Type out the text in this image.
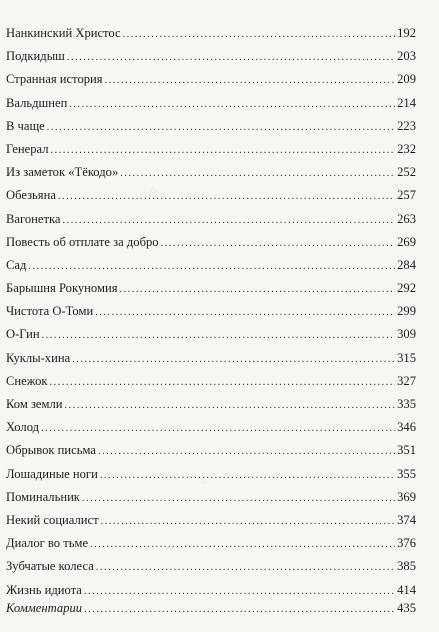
○
○
○
Нанкинский Христос .....	192
Подкидыш .....	203
Странная история .....	209
Вальдшнеп .....	214
В чаще .....	223
Генерал .....	232
Из заметок «Тёкодо» .....	252
Обезьяна .....	257
Вагонетка .....	263
Повесть об отплате за добро .....	269
Сад .....	284
Барышня Рокуномия .....	292
Чистота О-Томи .....	299
О-Гин .....	309
Куклы-хина .....	315
Снежок .....	327
Ком земли .....	335
Холод .....	346
Обрывок письма .....	351
Лошадиные ноги .....	355
Поминальник .....	369
Некий социалист .....	374
Диалог во тьме .....	376
Зубчатые колеса .....	385
Жизнь идиота .....	414
Комментарии .....	435
